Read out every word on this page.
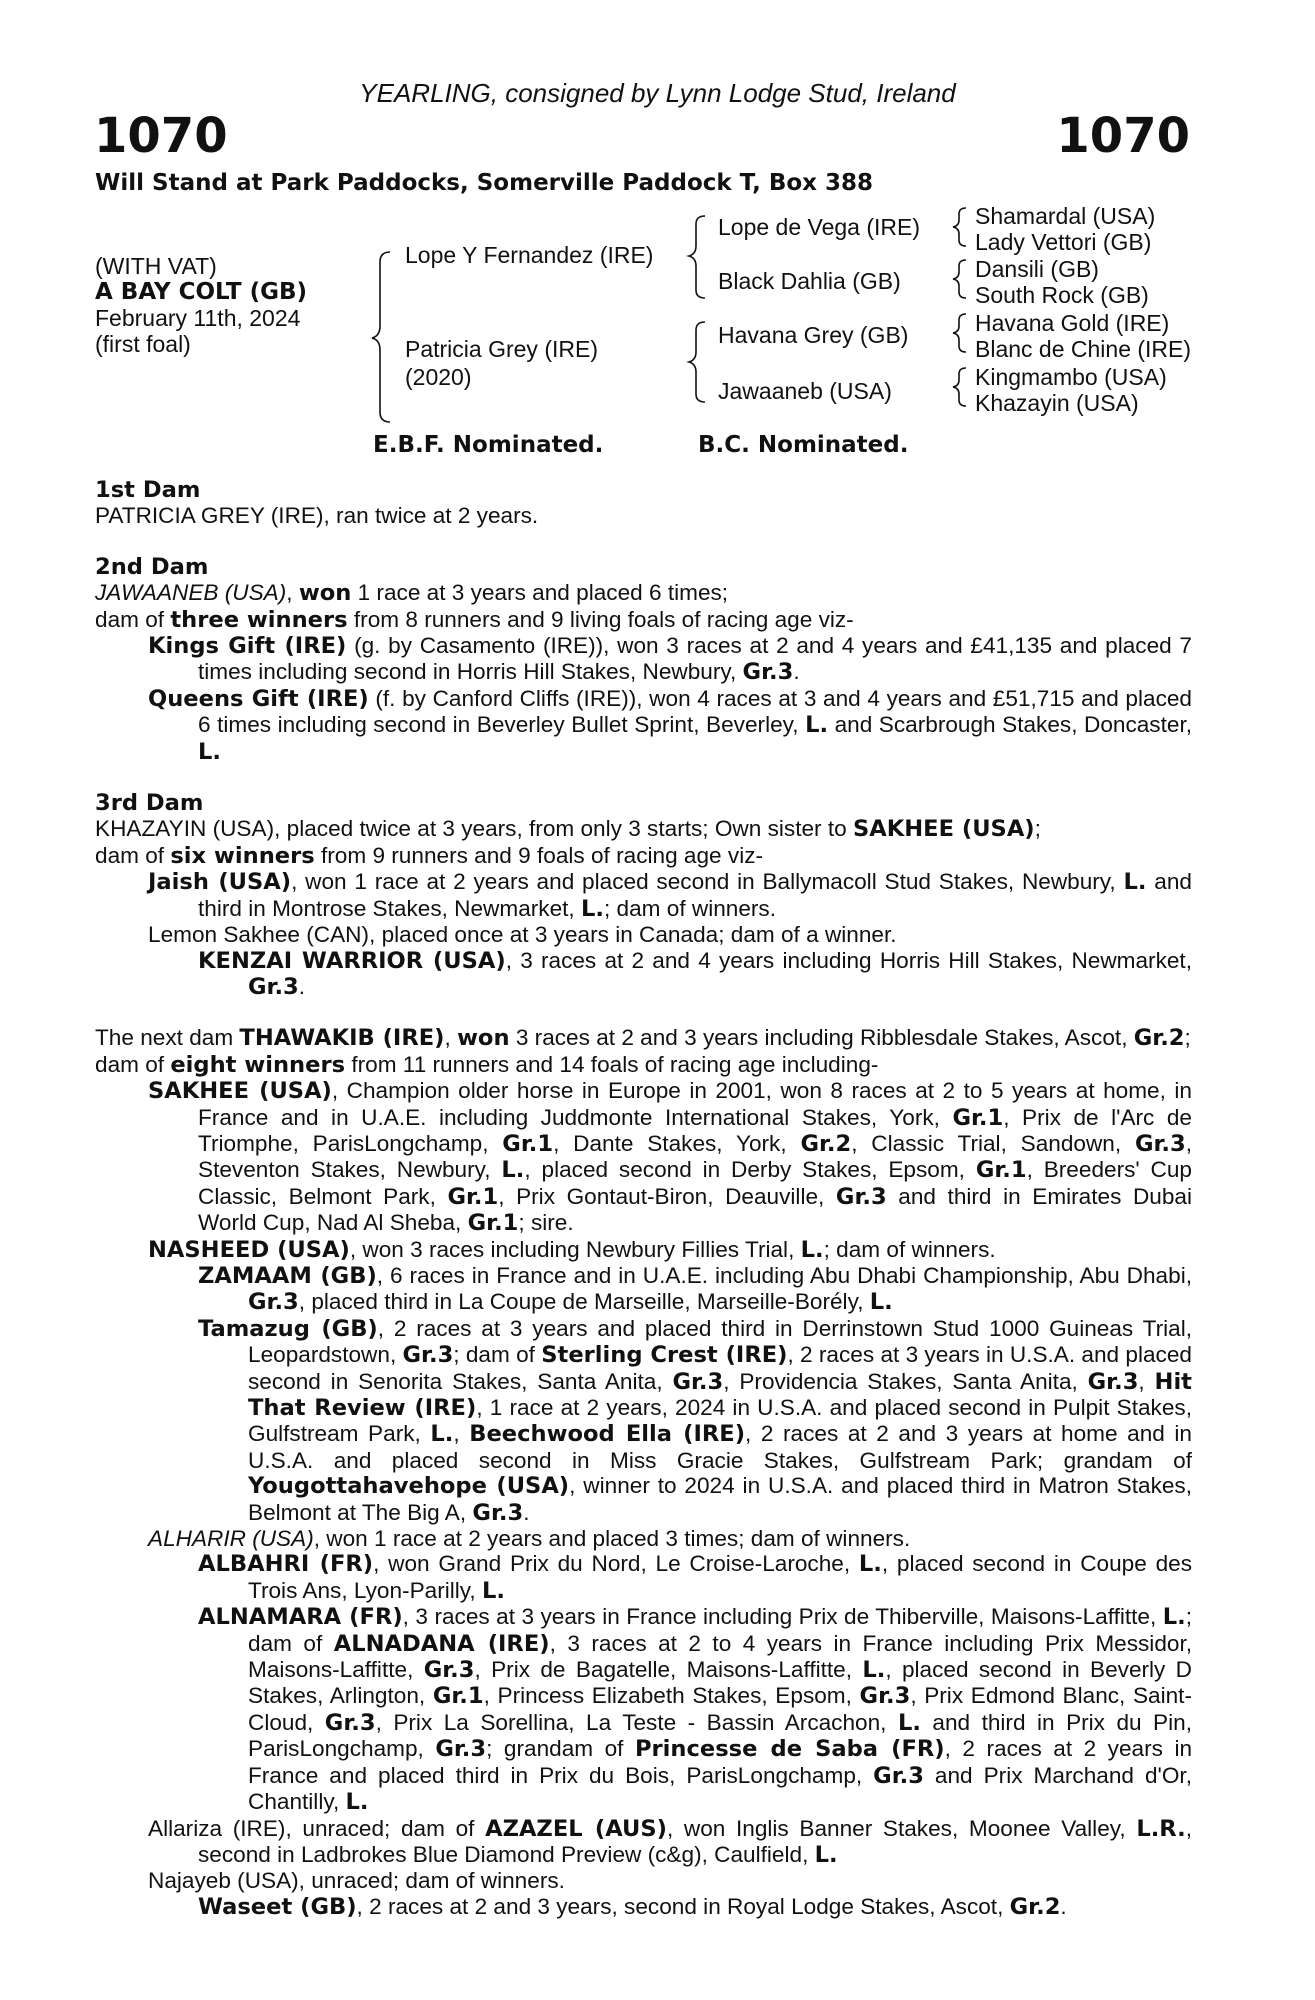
YEARLING, consigned by Lynn Lodge Stud, Ireland
1070	1070
Will Stand at Park Paddocks, Somerville Paddock T, Box 388
(WITH VAT)
A BAY COLT (GB)
February 11th, 2024
(first foal)
Lope Y Fernandez (IRE)
Patricia Grey (IRE)
(2020)
Lope de Vega (IRE)
Black Dahlia (GB)
Havana Grey (GB)
Jawaaneb (USA)
Shamardal (USA)
Lady Vettori (GB)
Dansili (GB)
South Rock (GB)
Havana Gold (IRE)
Blanc de Chine (IRE)
Kingmambo (USA)
Khazayin (USA)
E.B.F. Nominated.	B.C. Nominated.
1st Dam
PATRICIA GREY (IRE), ran twice at 2 years.
2nd Dam
JAWAANEB (USA), won 1 race at 3 years and placed 6 times;
dam of three winners from 8 runners and 9 living foals of racing age viz-
Kings Gift (IRE) (g. by Casamento (IRE)), won 3 races at 2 and 4 years and £41,135 and placed 7 times including second in Horris Hill Stakes, Newbury, Gr.3.
Queens Gift (IRE) (f. by Canford Cliffs (IRE)), won 4 races at 3 and 4 years and £51,715 and placed 6 times including second in Beverley Bullet Sprint, Beverley, L. and Scarbrough Stakes, Doncaster, L.
3rd Dam
KHAZAYIN (USA), placed twice at 3 years, from only 3 starts; Own sister to SAKHEE (USA);
dam of six winners from 9 runners and 9 foals of racing age viz-
Jaish (USA), won 1 race at 2 years and placed second in Ballymacoll Stud Stakes, Newbury, L. and third in Montrose Stakes, Newmarket, L.; dam of winners.
Lemon Sakhee (CAN), placed once at 3 years in Canada; dam of a winner.
KENZAI WARRIOR (USA), 3 races at 2 and 4 years including Horris Hill Stakes, Newmarket, Gr.3.
The next dam THAWAKIB (IRE), won 3 races at 2 and 3 years including Ribblesdale Stakes, Ascot, Gr.2;
dam of eight winners from 11 runners and 14 foals of racing age including-
SAKHEE (USA), Champion older horse in Europe in 2001, won 8 races at 2 to 5 years at home, in France and in U.A.E. including Juddmonte International Stakes, York, Gr.1, Prix de l'Arc de Triomphe, ParisLongchamp, Gr.1, Dante Stakes, York, Gr.2, Classic Trial, Sandown, Gr.3, Steventon Stakes, Newbury, L., placed second in Derby Stakes, Epsom, Gr.1, Breeders' Cup Classic, Belmont Park, Gr.1, Prix Gontaut-Biron, Deauville, Gr.3 and third in Emirates Dubai World Cup, Nad Al Sheba, Gr.1; sire.
NASHEED (USA), won 3 races including Newbury Fillies Trial, L.; dam of winners.
ZAMAAM (GB), 6 races in France and in U.A.E. including Abu Dhabi Championship, Abu Dhabi, Gr.3, placed third in La Coupe de Marseille, Marseille-Borély, L.
Tamazug (GB), 2 races at 3 years and placed third in Derrinstown Stud 1000 Guineas Trial, Leopardstown, Gr.3; dam of Sterling Crest (IRE), 2 races at 3 years in U.S.A. and placed second in Senorita Stakes, Santa Anita, Gr.3, Providencia Stakes, Santa Anita, Gr.3, Hit That Review (IRE), 1 race at 2 years, 2024 in U.S.A. and placed second in Pulpit Stakes, Gulfstream Park, L., Beechwood Ella (IRE), 2 races at 2 and 3 years at home and in U.S.A. and placed second in Miss Gracie Stakes, Gulfstream Park; grandam of Yougottahavehope (USA), winner to 2024 in U.S.A. and placed third in Matron Stakes, Belmont at The Big A, Gr.3.
ALHARIR (USA), won 1 race at 2 years and placed 3 times; dam of winners.
ALBAHRI (FR), won Grand Prix du Nord, Le Croise-Laroche, L., placed second in Coupe des Trois Ans, Lyon-Parilly, L.
ALNAMARA (FR), 3 races at 3 years in France including Prix de Thiberville, Maisons-Laffitte, L.; dam of ALNADANA (IRE), 3 races at 2 to 4 years in France including Prix Messidor, Maisons-Laffitte, Gr.3, Prix de Bagatelle, Maisons-Laffitte, L., placed second in Beverly D Stakes, Arlington, Gr.1, Princess Elizabeth Stakes, Epsom, Gr.3, Prix Edmond Blanc, Saint-Cloud, Gr.3, Prix La Sorellina, La Teste - Bassin Arcachon, L. and third in Prix du Pin, ParisLongchamp, Gr.3; grandam of Princesse de Saba (FR), 2 races at 2 years in France and placed third in Prix du Bois, ParisLongchamp, Gr.3 and Prix Marchand d'Or, Chantilly, L.
Allariza (IRE), unraced; dam of AZAZEL (AUS), won Inglis Banner Stakes, Moonee Valley, L.R., second in Ladbrokes Blue Diamond Preview (c&g), Caulfield, L.
Najayeb (USA), unraced; dam of winners.
Waseet (GB), 2 races at 2 and 3 years, second in Royal Lodge Stakes, Ascot, Gr.2.
